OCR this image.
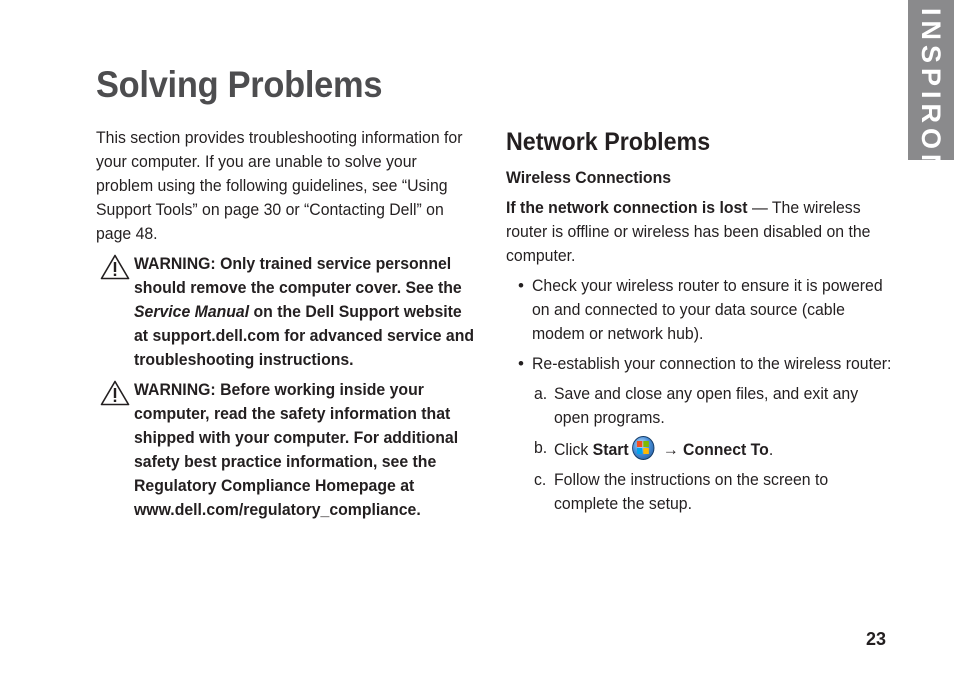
INSPIRON
Solving Problems

This section provides troubleshooting information for your computer. If you are unable to solve your problem using the following guidelines, see “Using Support Tools” on page 30 or “Contacting Dell” on page 48.

WARNING: Only trained service personnel should remove the computer cover. See the Service Manual on the Dell Support website at support.dell.com for advanced service and troubleshooting instructions.

WARNING: Before working inside your computer, read the safety information that shipped with your computer. For additional safety best practice information, see the Regulatory Compliance Homepage at www.dell.com/regulatory_compliance.

Network Problems
Wireless Connections

If the network connection is lost — The wireless router is offline or wireless has been disabled on the computer.

• Check your wireless router to ensure it is powered on and connected to your data source (cable modem or network hub).

• Re-establish your connection to the wireless router:

a. Save and close any open files, and exit any open programs.

b. Click Start
→ Connect To.

c. Follow the instructions on the screen to complete the setup.

23
